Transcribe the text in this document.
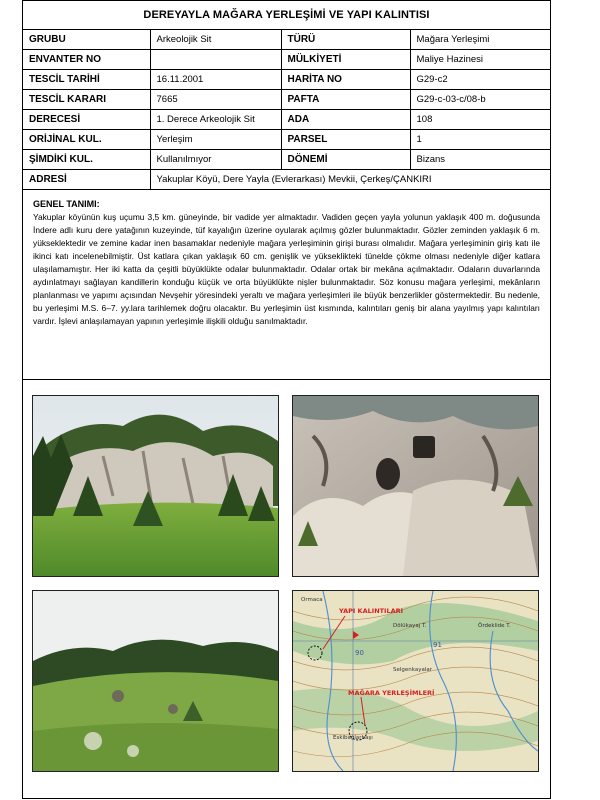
DEREYAYLA MAĞARA YERLEŞİMİ VE YAPI KALINTISI
GRUBU	Arkeolojik Sit	TÜRÜ	Mağara Yerleşimi
ENVANTER NO		MÜLKİYETİ	Maliye Hazinesi
TESCİL TARİHİ	16.11.2001	HARİTA NO	G29-c2
TESCİL KARARI	7665	PAFTA	G29-c-03-c/08-b
DERECESİ	1. Derece Arkeolojik Sit	ADA	108
ORİJİNAL KUL.	Yerleşim	PARSEL	1
ŞİMDİKİ KUL.	Kullanılmıyor	DÖNEMİ	Bizans
ADRESİ	Yakuplar Köyü, Dere Yayla (Evlerarkası) Mevkii, Çerkeş/ÇANKIRI		
GENEL TANIMI:
Yakuplar köyünün kuş uçumu 3,5 km. güneyinde, bir vadide yer almaktadır. Vadiden geçen yayla yolunun yaklaşık 400 m. doğusunda İndere adlı kuru dere yatağının kuzeyinde, tüf kayalığın üzerine oyularak açılmış gözler bulunmaktadır. Gözler zeminden yaklaşık 6 m. yükseklektedir ve zemine kadar inen basamaklar nedeniyle mağara yerleşiminin girişi burası olmalıdır. Mağara yerleşiminin giriş katı ile ikinci katı incelenebilmiştir. Üst katlara çıkan yaklaşık 60 cm. genişlik ve yükseklikteki tünelde çökme olması nedeniyle diğer katlara ulaşılamamıştır. Her iki katta da çeşitli büyüklükte odalar bulunmaktadır. Odalar ortak bir mekâna açılmaktadır. Odaların duvarlarında aydınlatmayı sağlayan kandillerin konduğu küçük ve orta büyüklükte nişler bulunmaktadır. Söz konusu mağara yerleşimi, mekânların planlanması ve yapımı açısından Nevşehir yöresindeki yeraltı ve mağara yerleşimleri ile büyük benzerlikler göstermektedir. Bu nedenle, bu yerleşimi M.S. 6–7. yy.lara tarihlemek doğru olacaktır. Bu yerleşimin üst kısmında, kalıntıları geniş bir alana yayılmış yapı kalıntıları vardır. İşlevi anlaşılamayan yapının yerleşimle ilişkili olduğu sanılmaktadır.
YAPI KALINTILARI
MAĞARA YERLEŞİMLERİ
Ormaca
Dölükayaj T.	Ördeklide T.
Selgenkayalar
Eskibağlarbaşı
91
90
